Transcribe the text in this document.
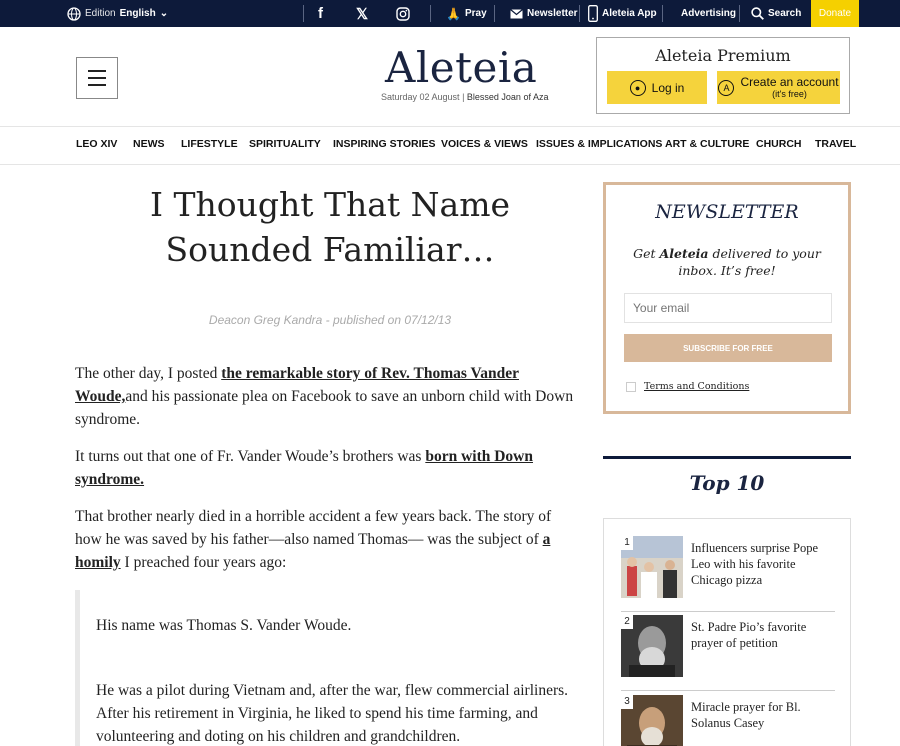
Edition English ⌄	f 𝕏	🙏 Pray	Newsletter Aleteia App Advertising	Search	Donate
Aleteia
Saturday 02 August | Blessed Joan of Aza
Aleteia Premium
● Log in	A Create an account
(it's free)
LEO XIV NEWS LIFESTYLE SPIRITUALITY INSPIRING STORIES VOICES & VIEWS ISSUES & IMPLICATIONS ART & CULTURE CHURCH TRAVEL
I Thought That Name Sounded Familiar…
Deacon Greg Kandra - published on 07/12/13

The other day, I posted the remarkable story of Rev. Thomas Vander Woude,and his passionate plea on Facebook to save an unborn child with Down syndrome.

It turns out that one of Fr. Vander Woude’s brothers was born with Down syndrome.

That brother nearly died in a horrible accident a few years back. The story of how he was saved by his father—also named Thomas— was the subject of a homily I preached four years ago:

His name was Thomas S. Vander Woude.

He was a pilot during Vietnam and, after the war, flew commercial airliners. After his retirement in Virginia, he liked to spend his time farming, and volunteering and doting on his children and grandchildren.

NEWSLETTER
Get Aleteia delivered to your inbox. It’s free!
Your email
SUBSCRIBE FOR FREE
Terms and Conditions
Top 10
1	Influencers surprise Pope Leo with his favorite Chicago pizza
2	St. Padre Pio’s favorite prayer of petition
3	Miracle prayer for Bl. Solanus Casey
